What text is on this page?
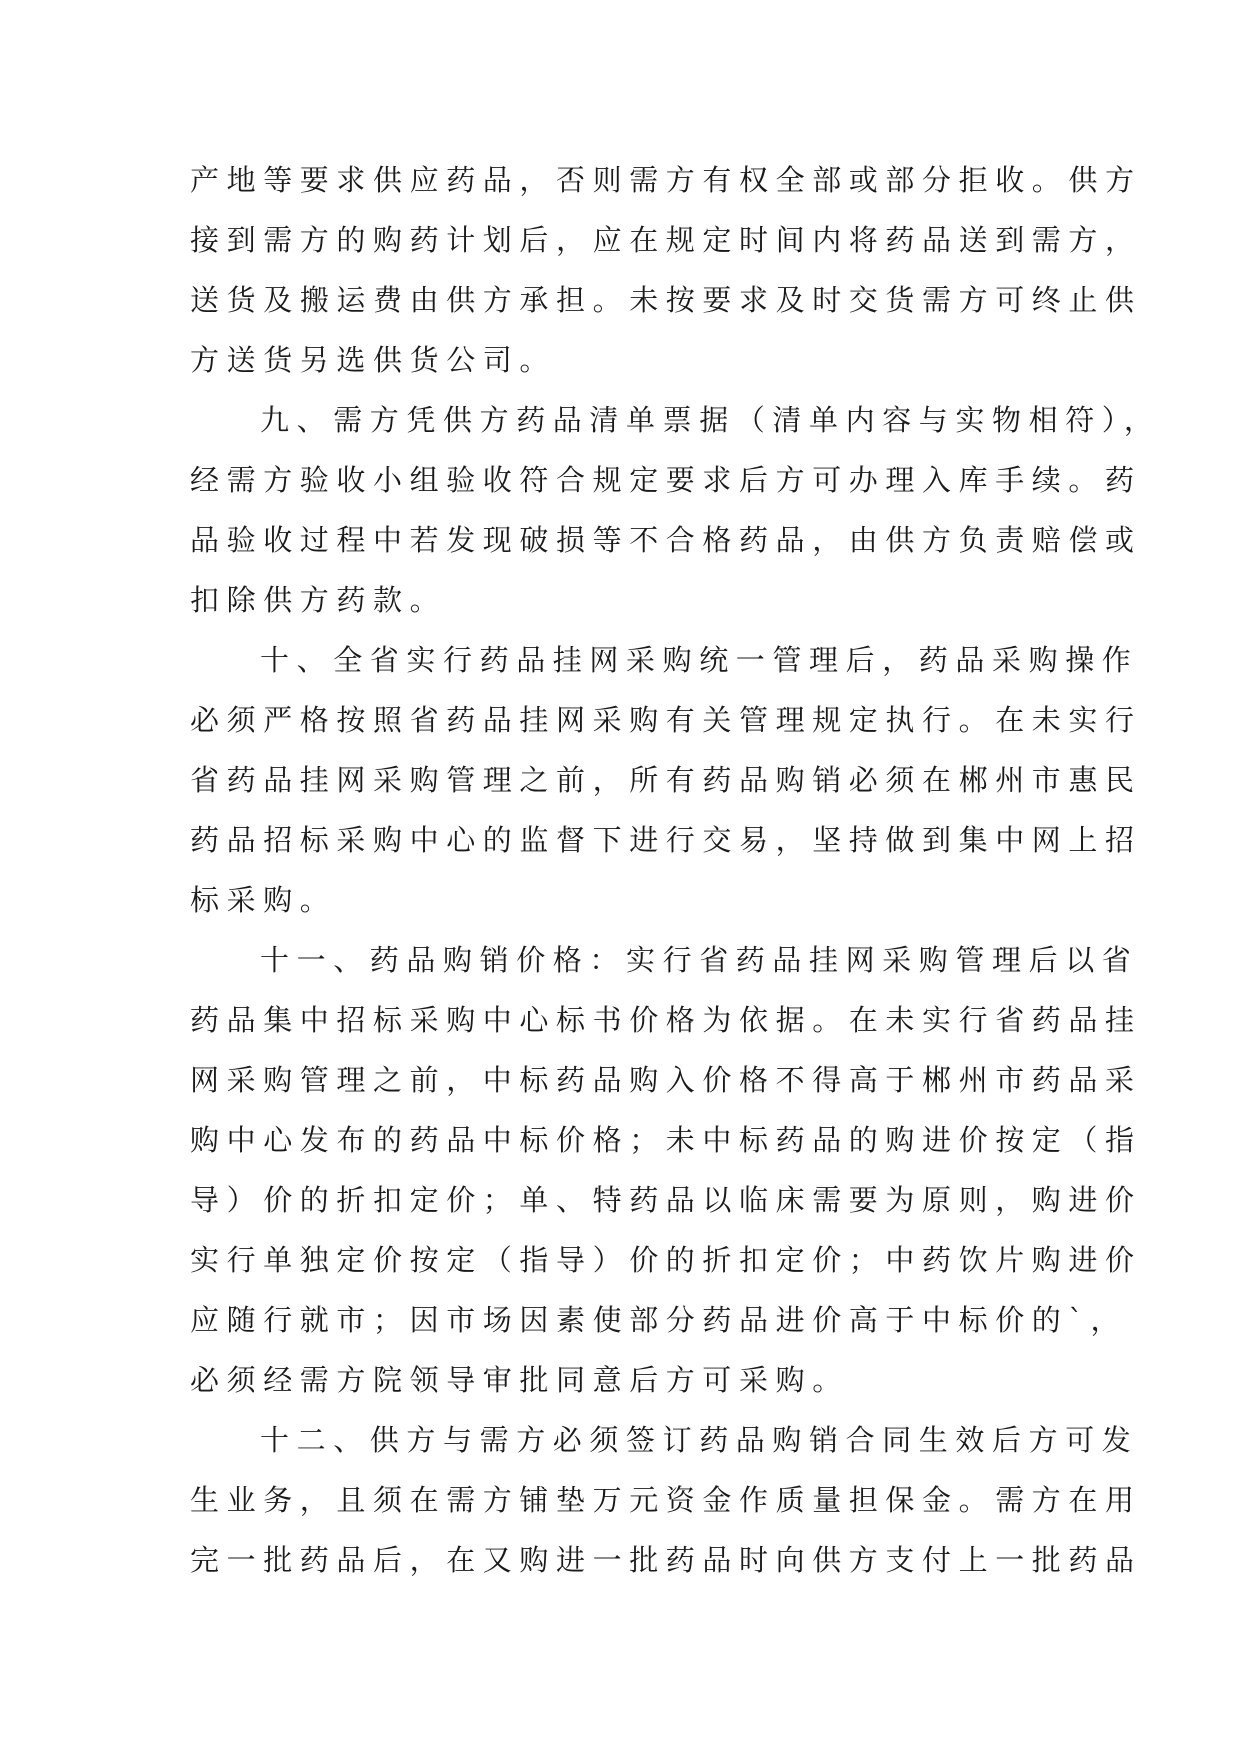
产地等要求供应药品，否则需方有权全部或部分拒收。供方
接到需方的购药计划后，应在规定时间内将药品送到需方，
送货及搬运费由供方承担。未按要求及时交货需方可终止供
方送货另选供货公司。
九、需方凭供方药品清单票据（清单内容与实物相符），
经需方验收小组验收符合规定要求后方可办理入库手续。药
品验收过程中若发现破损等不合格药品，由供方负责赔偿或
扣除供方药款。
十、全省实行药品挂网采购统一管理后，药品采购操作
必须严格按照省药品挂网采购有关管理规定执行。在未实行
省药品挂网采购管理之前，所有药品购销必须在郴州市惠民
药品招标采购中心的监督下进行交易，坚持做到集中网上招
标采购。
十一、药品购销价格：实行省药品挂网采购管理后以省
药品集中招标采购中心标书价格为依据。在未实行省药品挂
网采购管理之前，中标药品购入价格不得高于郴州市药品采
购中心发布的药品中标价格；未中标药品的购进价按定（指
导）价的折扣定价；单、特药品以临床需要为原则，购进价
实行单独定价按定（指导）价的折扣定价；中药饮片购进价
应随行就市；因市场因素使部分药品进价高于中标价的`，
必须经需方院领导审批同意后方可采购。
十二、供方与需方必须签订药品购销合同生效后方可发
生业务，且须在需方铺垫万元资金作质量担保金。需方在用
完一批药品后，在又购进一批药品时向供方支付上一批药品
